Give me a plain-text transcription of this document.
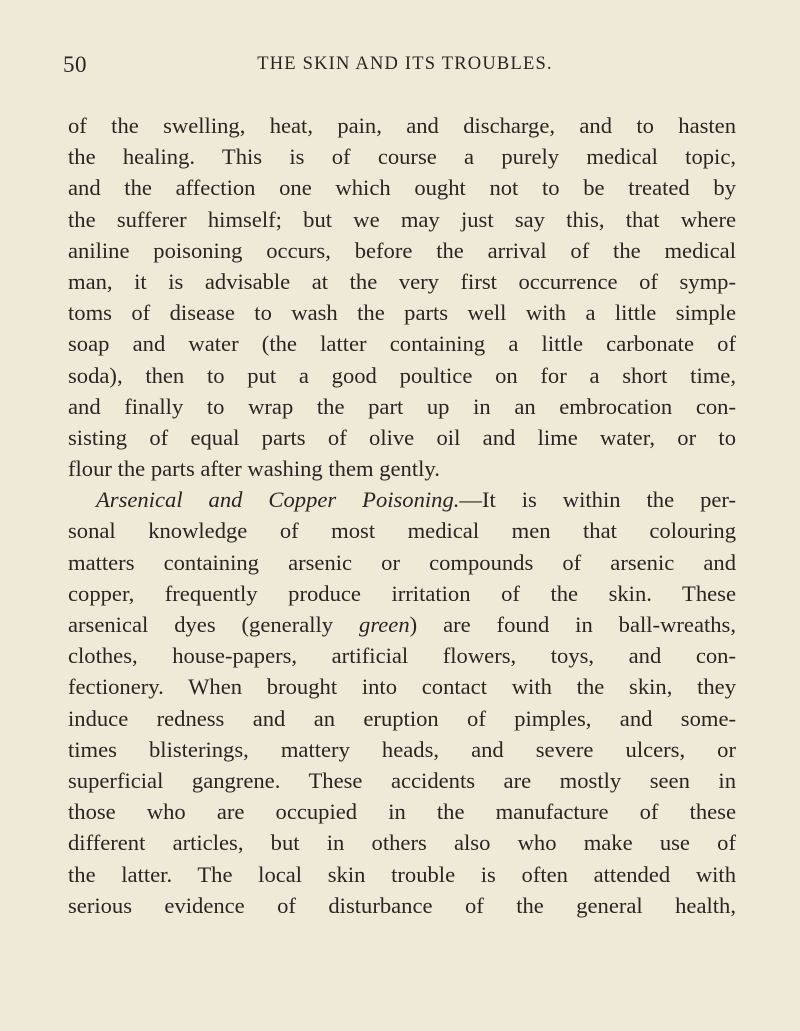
50	THE SKIN AND ITS TROUBLES.
of the swelling, heat, pain, and discharge, and to hasten
the healing. This is of course a purely medical topic,
and the affection one which ought not to be treated by
the sufferer himself; but we may just say this, that where
aniline poisoning occurs, before the arrival of the medical
man, it is advisable at the very first occurrence of symp-
toms of disease to wash the parts well with a little simple
soap and water (the latter containing a little carbonate of
soda), then to put a good poultice on for a short time,
and finally to wrap the part up in an embrocation con-
sisting of equal parts of olive oil and lime water, or to
flour the parts after washing them gently.
Arsenical and Copper Poisoning.—It is within the per-
sonal knowledge of most medical men that colouring
matters containing arsenic or compounds of arsenic and
copper, frequently produce irritation of the skin. These
arsenical dyes (generally green) are found in ball-wreaths,
clothes, house-papers, artificial flowers, toys, and con-
fectionery. When brought into contact with the skin, they
induce redness and an eruption of pimples, and some-
times blisterings, mattery heads, and severe ulcers, or
superficial gangrene. These accidents are mostly seen in
those who are occupied in the manufacture of these
different articles, but in others also who make use of
the latter. The local skin trouble is often attended with
serious evidence of disturbance of the general health,
